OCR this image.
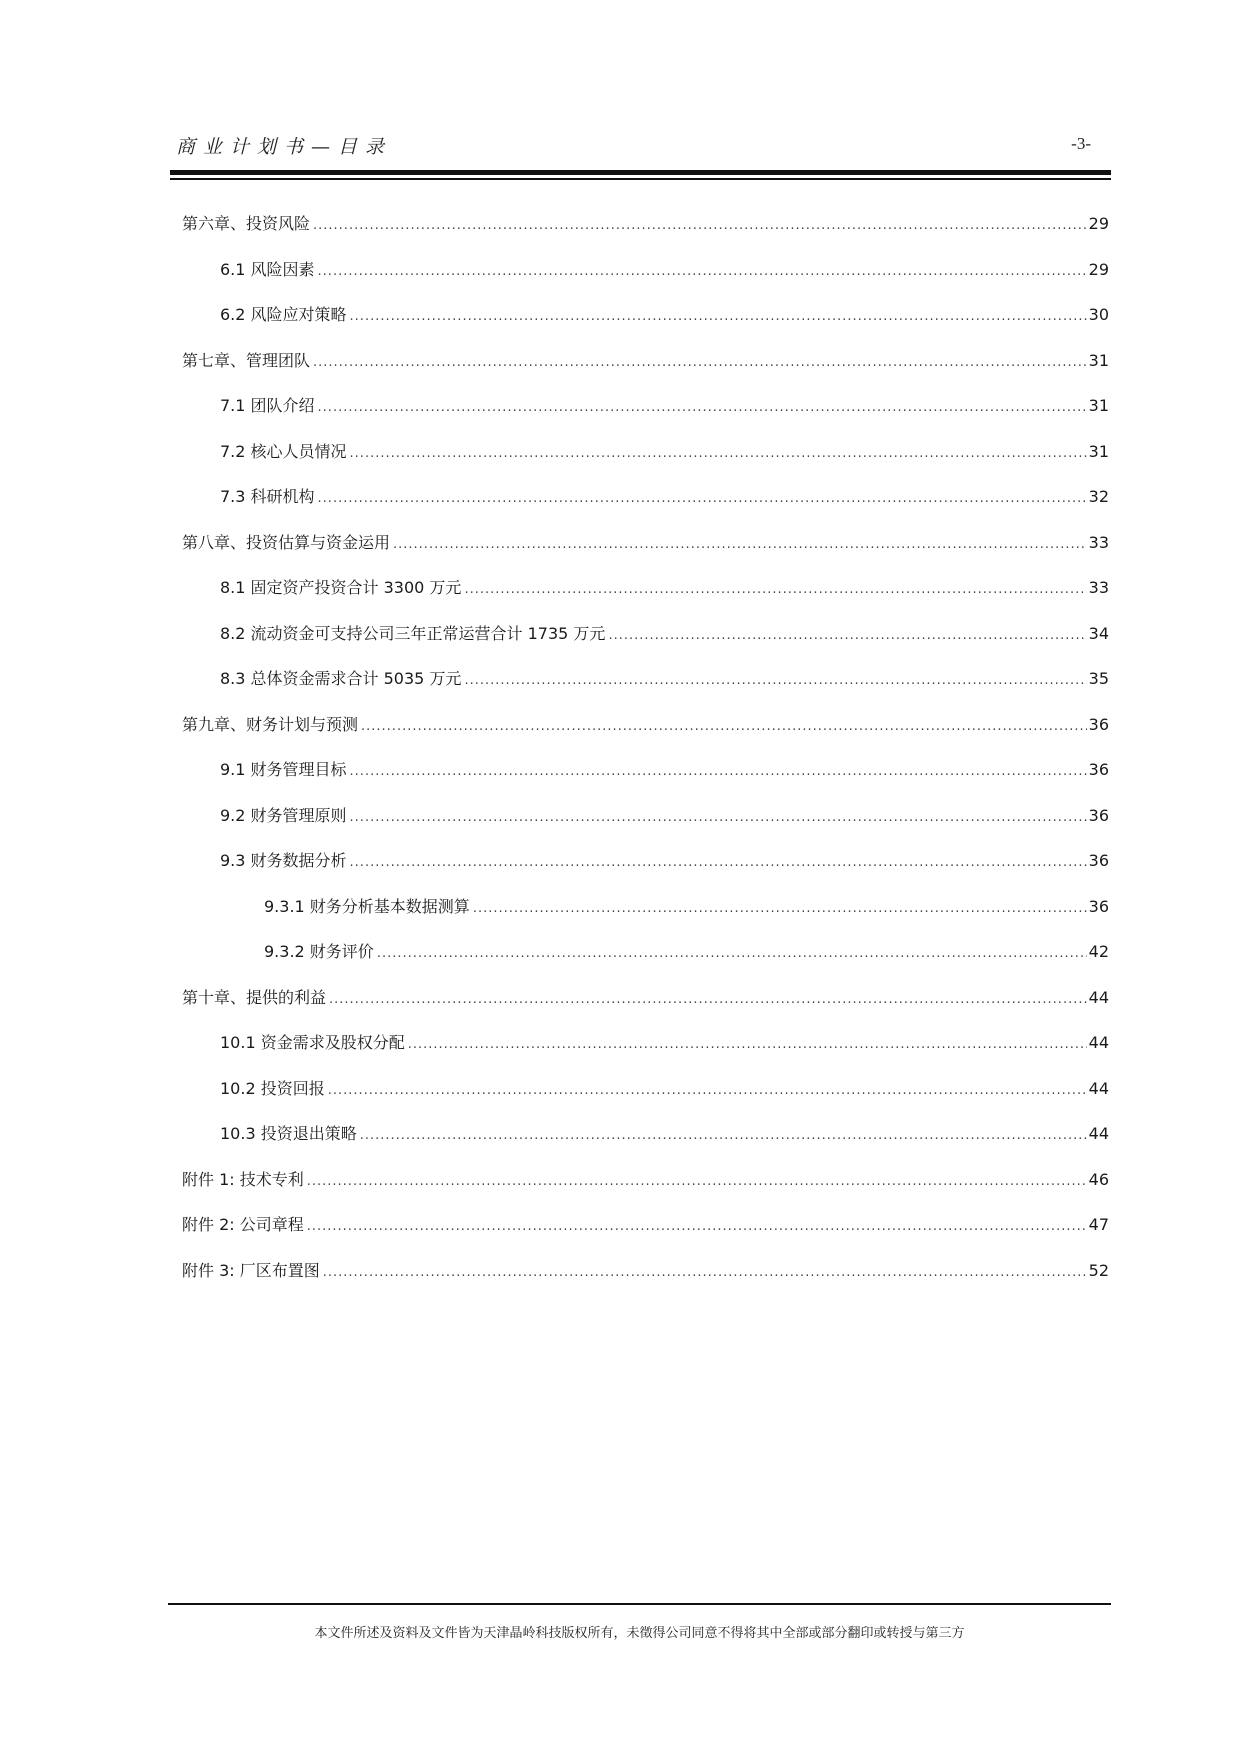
商业计划书—目录	-3-
第六章、投资风险 .....	29
6.1 风险因素 .....	29
6.2 风险应对策略 .....	30
第七章、管理团队 .....	31
7.1 团队介绍 .....	31
7.2 核心人员情况 .....	31
7.3 科研机构 .....	32
第八章、投资估算与资金运用 .....	33
8.1 固定资产投资合计 3300 万元 .....	33
8.2 流动资金可支持公司三年正常运营合计 1735 万元 .....	34
8.3 总体资金需求合计 5035 万元 .....	35
第九章、财务计划与预测 .....	36
9.1 财务管理目标 .....	36
9.2 财务管理原则 .....	36
9.3 财务数据分析 .....	36
9.3.1 财务分析基本数据测算 .....	36
9.3.2 财务评价 .....	42
第十章、提供的利益 .....	44
10.1 资金需求及股权分配 .....	44
10.2 投资回报 .....	44
10.3 投资退出策略 .....	44
附件 1: 技术专利 .....	46
附件 2: 公司章程 .....	47
附件 3: 厂区布置图 .....	52
本文件所述及资料及文件皆为天津晶岭科技版权所有，未徵得公司同意不得将其中全部或部分翻印或转授与第三方
